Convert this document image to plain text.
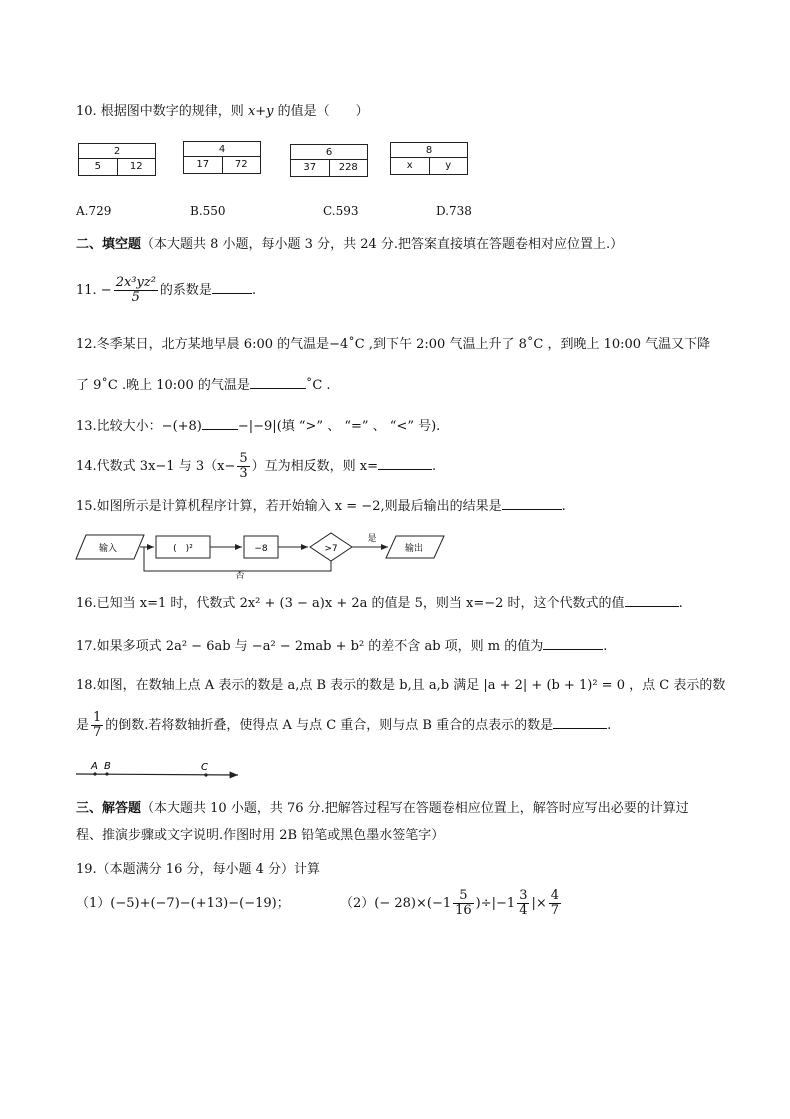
10. 根据图中数字的规律，则 x+y 的值是（　　）
2
5	12
4
17	72
6
37	228
8
x	y
A.729	B.550	C.593	D.738
二、填空题（本大题共 8 小题，每小题 3 分，共 24 分.把答案直接填在答题卷相对应位置上.）
11. − $\frac{\text{2x³yz²}}{5}$ 的系数是	.
12.冬季某日，北方某地早晨 6:00 的气温是−4˚C ,到下午 2:00 气温上升了 8˚C ，到晚上 10:00 气温又下降
了 9˚C .晚上 10:00 的气温是	˚C .
13.比较大小：−(+8)	−|−9|(填 “>” 、 “=” 、 “<” 号).
14.代数式 3x−1 与 $3(x- \frac{5}{3}$ ）互为相反数，则 x=	.
15.如图所示是计算机程序计算，若开始输入 x = −2,则最后输出的结果是	.
输入	(　)²	−8	>7
是
输出
否
16.已知当 x=1 时，代数式 2x² + (3 − a)x + 2a 的值是 5，则当 x=−2 时，这个代数式的值	.
17.如果多项式 2a² − 6ab 与 −a² − 2mab + b² 的差不含 ab 项，则 m 的值为	.
18.如图，在数轴上点 A 表示的数是 a,点 B 表示的数是 b,且 a,b 满足 |a + 2| + (b + 1)² = 0 ，点 C 表示的数
是 $\frac{1}{7}$ 的倒数.若将数轴折叠，使得点 A 与点 C 重合，则与点 B 重合的点表示的数是	.
A B	C
三、解答题（本大题共 10 小题，共 76 分.把解答过程写在答题卷相应位置上，解答时应写出必要的计算过
程、推演步骤或文字说明.作图时用 2B 铅笔或黑色墨水签笔字）
19.（本题满分 16 分，每小题 4 分）计算
（1）(−5)+(−7)−(+13)−(−19)；	$(2)(- 28)\times(-1 \frac{5}{16} )\div|-1 \frac{3}{4}$ |× $\frac{4}{7}$
